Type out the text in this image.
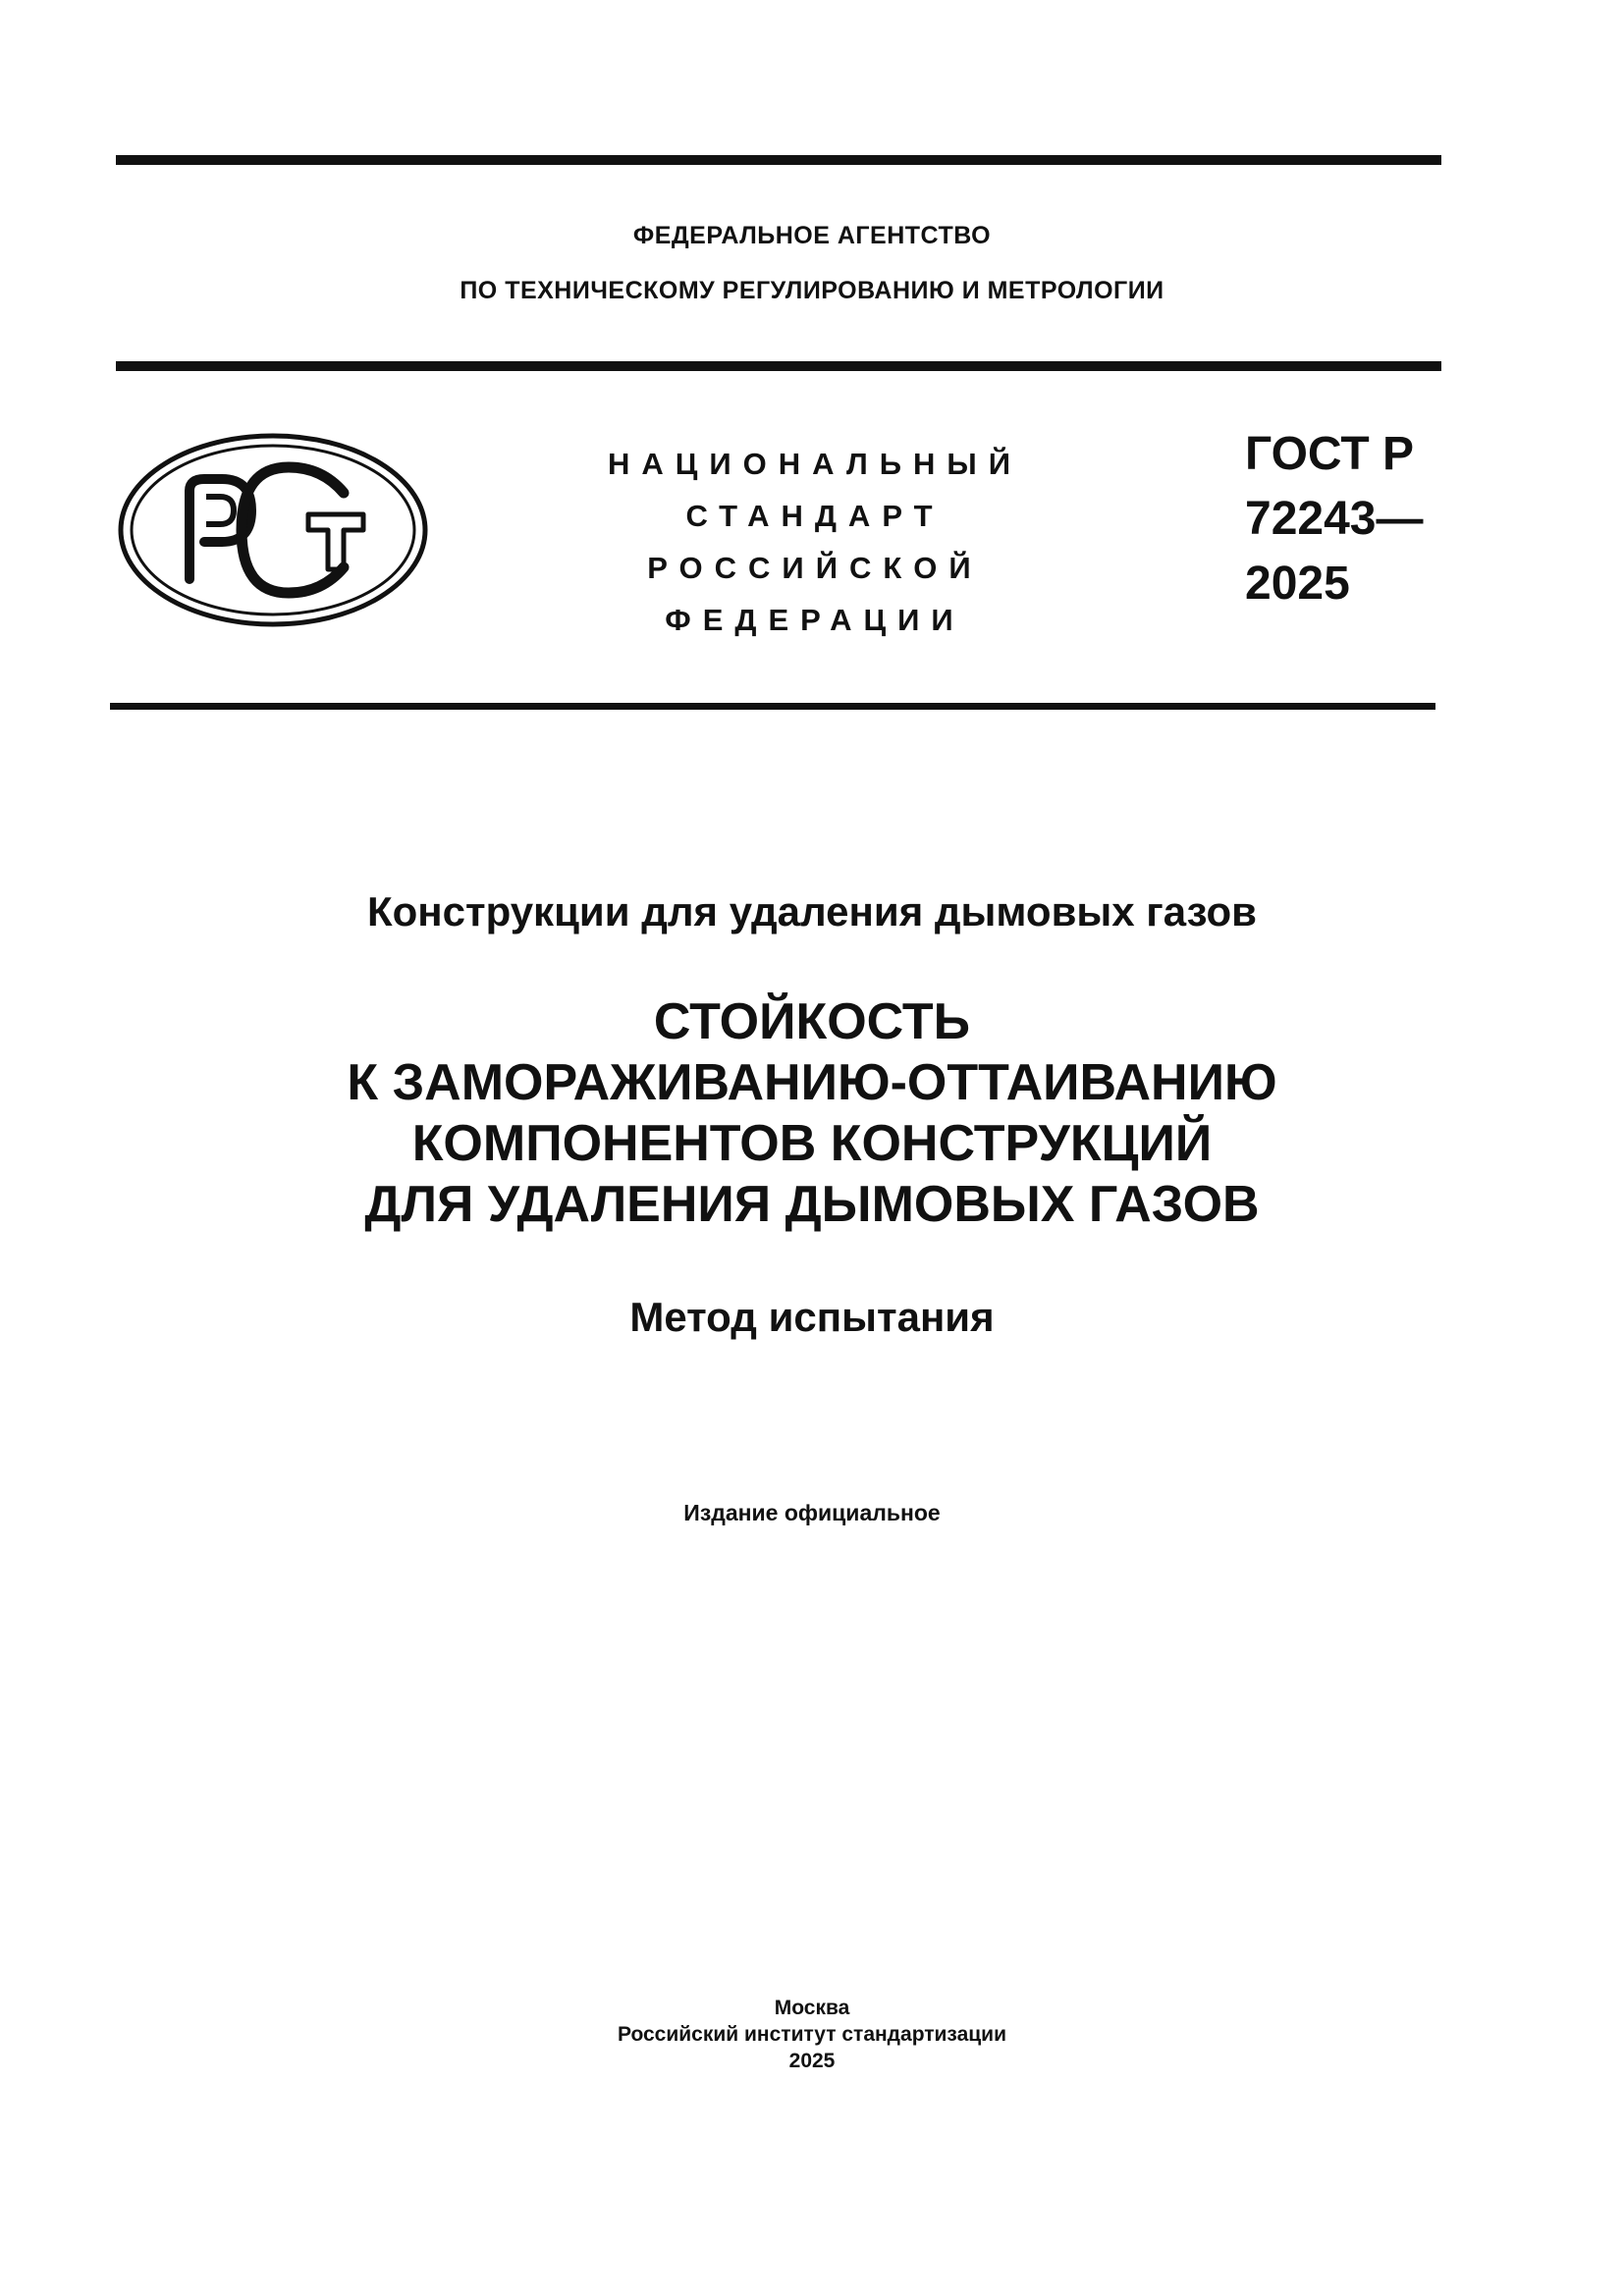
ФЕДЕРАЛЬНОЕ АГЕНТСТВО
ПО ТЕХНИЧЕСКОМУ РЕГУЛИРОВАНИЮ И МЕТРОЛОГИИ
НАЦИОНАЛЬНЫЙ
СТАНДАРТ
РОССИЙСКОЙ
ФЕДЕРАЦИИ
ГОСТ Р
72243—
2025
Конструкции для удаления дымовых газов
СТОЙКОСТЬ
К ЗАМОРАЖИВАНИЮ-ОТТАИВАНИЮ
КОМПОНЕНТОВ КОНСТРУКЦИЙ
ДЛЯ УДАЛЕНИЯ ДЫМОВЫХ ГАЗОВ
Метод испытания
Издание официальное
Москва
Российский институт стандартизации
2025
